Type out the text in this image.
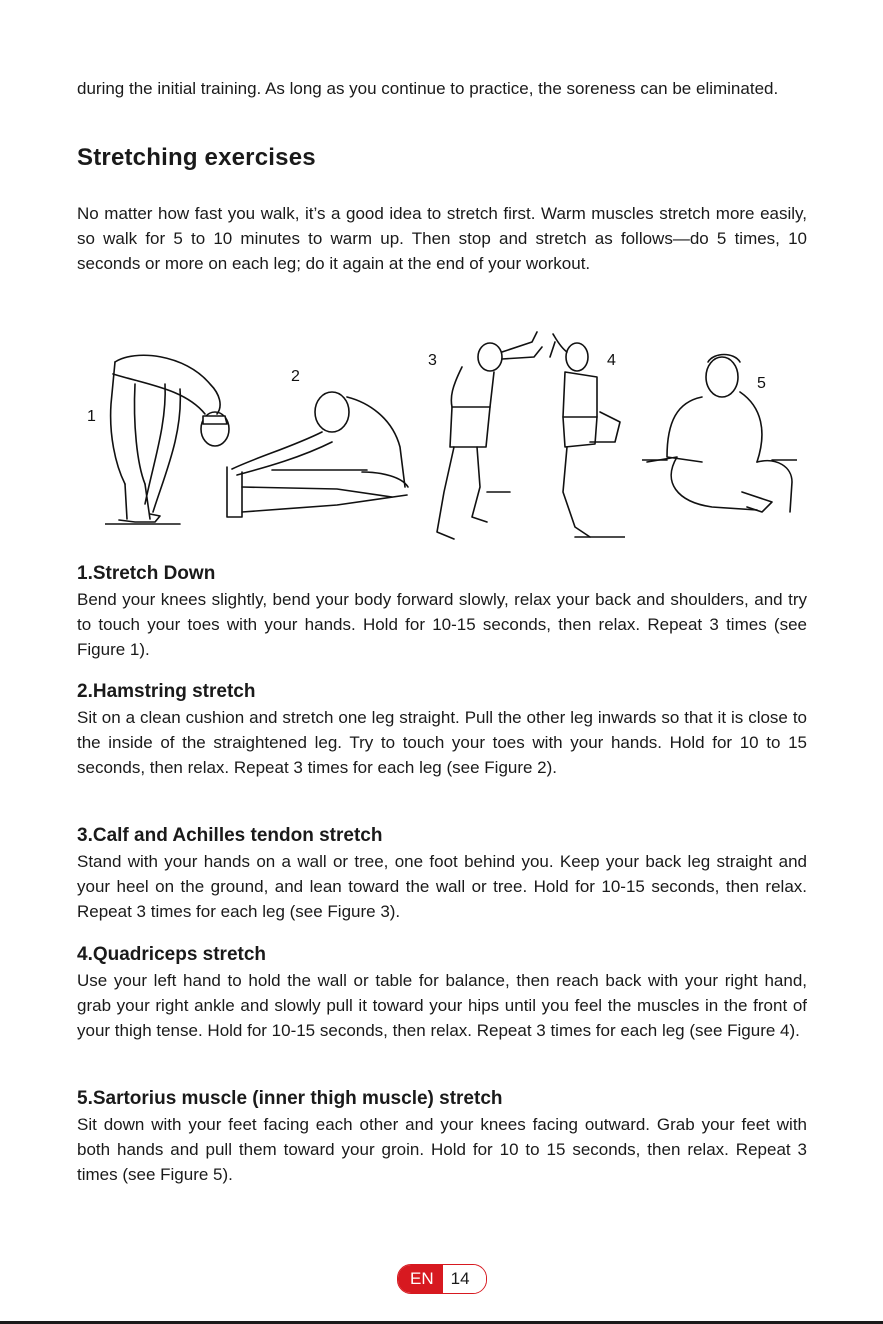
during the initial training. As long as you continue to practice, the soreness can be eliminated.
Stretching exercises
No matter how fast you walk, it’s a good idea to stretch first. Warm muscles stretch more easily, so walk for 5 to 10 minutes to warm up. Then stop and stretch as follows—do 5 times, 10 seconds or more on each leg; do it again at the end of your workout.
1
2
3	4
5
1.Stretch Down

Bend your knees slightly, bend your body forward slowly, relax your back and shoulders, and try to touch your toes with your hands. Hold for 10-15 seconds, then relax. Repeat 3 times (see Figure 1).

2.Hamstring stretch

Sit on a clean cushion and stretch one leg straight. Pull the other leg inwards so that it is close to the inside of the straightened leg. Try to touch your toes with your hands. Hold for 10 to 15 seconds, then relax. Repeat 3 times for each leg (see Figure 2).

3.Calf and Achilles tendon stretch

Stand with your hands on a wall or tree, one foot behind you. Keep your back leg straight and your heel on the ground, and lean toward the wall or tree. Hold for 10-15 seconds, then relax. Repeat 3 times for each leg (see Figure 3).

4.Quadriceps stretch

Use your left hand to hold the wall or table for balance, then reach back with your right hand, grab your right ankle and slowly pull it toward your hips until you feel the muscles in the front of your thigh tense. Hold for 10-15 seconds, then relax. Repeat 3 times for each leg (see Figure 4).

5.Sartorius muscle (inner thigh muscle) stretch

Sit down with your feet facing each other and your knees facing outward. Grab your feet with both hands and pull them toward your groin. Hold for 10 to 15 seconds, then relax. Repeat 3 times (see Figure 5).

EN	14
